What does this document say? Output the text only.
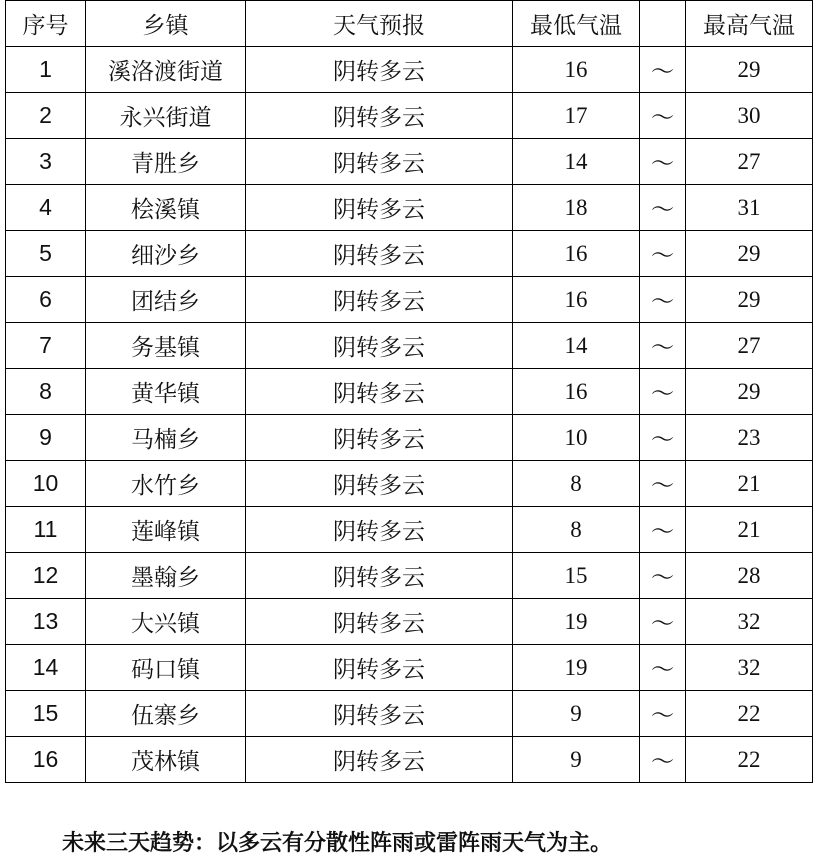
序号	乡镇	天气预报	最低气温		最高气温
1	溪洛渡街道	阴转多云	16	～	29
2	永兴街道	阴转多云	17	～	30
3	青胜乡	阴转多云	14	～	27
4	桧溪镇	阴转多云	18	～	31
5	细沙乡	阴转多云	16	～	29
6	团结乡	阴转多云	16	～	29
7	务基镇	阴转多云	14	～	27
8	黄华镇	阴转多云	16	～	29
9	马楠乡	阴转多云	10	～	23
10	水竹乡	阴转多云	8	～	21
11	莲峰镇	阴转多云	8	～	21
12	墨翰乡	阴转多云	15	～	28
13	大兴镇	阴转多云	19	～	32
14	码口镇	阴转多云	19	～	32
15	伍寨乡	阴转多云	9	～	22
16	茂林镇	阴转多云	9	～	22
未来三天趋势：以多云有分散性阵雨或雷阵雨天气为主。
